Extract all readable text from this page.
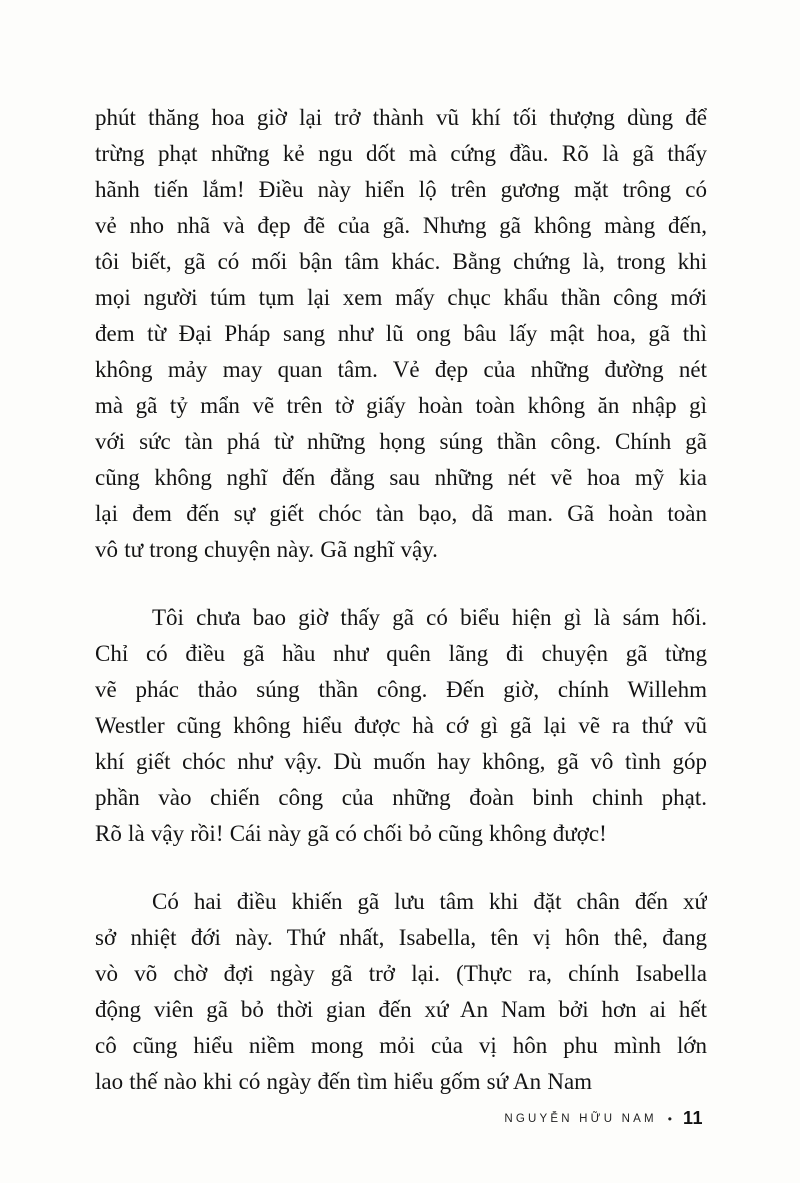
phút thăng hoa giờ lại trở thành vũ khí tối thượng dùng để
trừng phạt những kẻ ngu dốt mà cứng đầu. Rõ là gã thấy
hãnh tiến lắm! Điều này hiển lộ trên gương mặt trông có
vẻ nho nhã và đẹp đẽ của gã. Nhưng gã không màng đến,
tôi biết, gã có mối bận tâm khác. Bằng chứng là, trong khi
mọi người túm tụm lại xem mấy chục khẩu thần công mới
đem từ Đại Pháp sang như lũ ong bâu lấy mật hoa, gã thì
không mảy may quan tâm. Vẻ đẹp của những đường nét
mà gã tỷ mẩn vẽ trên tờ giấy hoàn toàn không ăn nhập gì
với sức tàn phá từ những họng súng thần công. Chính gã
cũng không nghĩ đến đằng sau những nét vẽ hoa mỹ kia
lại đem đến sự giết chóc tàn bạo, dã man. Gã hoàn toàn
vô tư trong chuyện này. Gã nghĩ vậy.
Tôi chưa bao giờ thấy gã có biểu hiện gì là sám hối.
Chỉ có điều gã hầu như quên lãng đi chuyện gã từng
vẽ phác thảo súng thần công. Đến giờ, chính Willehm
Westler cũng không hiểu được hà cớ gì gã lại vẽ ra thứ vũ
khí giết chóc như vậy. Dù muốn hay không, gã vô tình góp
phần vào chiến công của những đoàn binh chinh phạt.
Rõ là vậy rồi! Cái này gã có chối bỏ cũng không được!
Có hai điều khiến gã lưu tâm khi đặt chân đến xứ
sở nhiệt đới này. Thứ nhất, Isabella, tên vị hôn thê, đang
vò võ chờ đợi ngày gã trở lại. (Thực ra, chính Isabella
động viên gã bỏ thời gian đến xứ An Nam bởi hơn ai hết
cô cũng hiểu niềm mong mỏi của vị hôn phu mình lớn
lao thế nào khi có ngày đến tìm hiểu gốm sứ An Nam
NGUYỄN HỮU NAM • 11
